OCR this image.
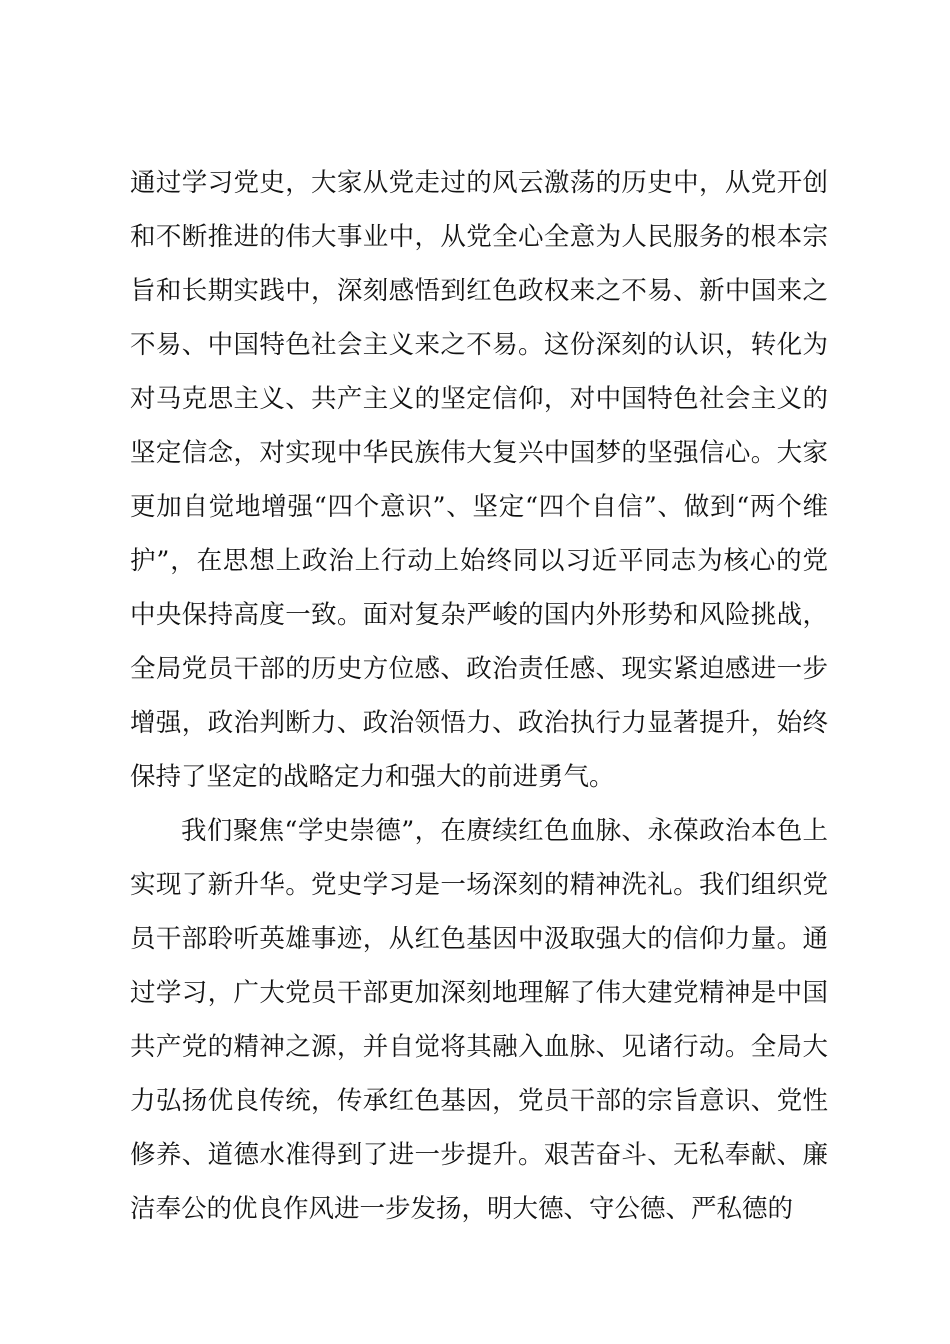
通过学习党史，大家从党走过的风云激荡的历史中，从党开创和不断推进的伟大事业中，从党全心全意为人民服务的根本宗旨和长期实践中，深刻感悟到红色政权来之不易、新中国来之不易、中国特色社会主义来之不易。这份深刻的认识，转化为对马克思主义、共产主义的坚定信仰，对中国特色社会主义的坚定信念，对实现中华民族伟大复兴中国梦的坚强信心。大家更加自觉地增强“四个意识”、坚定“四个自信”、做到“两个维护”，在思想上政治上行动上始终同以习近平同志为核心的党中央保持高度一致。面对复杂严峻的国内外形势和风险挑战，全局党员干部的历史方位感、政治责任感、现实紧迫感进一步增强，政治判断力、政治领悟力、政治执行力显著提升，始终保持了坚定的战略定力和强大的前进勇气。

我们聚焦“学史崇德”，在赓续红色血脉、永葆政治本色上实现了新升华。党史学习是一场深刻的精神洗礼。我们组织党员干部聆听英雄事迹，从红色基因中汲取强大的信仰力量。通过学习，广大党员干部更加深刻地理解了伟大建党精神是中国共产党的精神之源，并自觉将其融入血脉、见诸行动。全局大力弘扬优良传统，传承红色基因，党员干部的宗旨意识、党性修养、道德水准得到了进一步提升。艰苦奋斗、无私奉献、廉洁奉公的优良作风进一步发扬，明大德、守公德、严私德的
